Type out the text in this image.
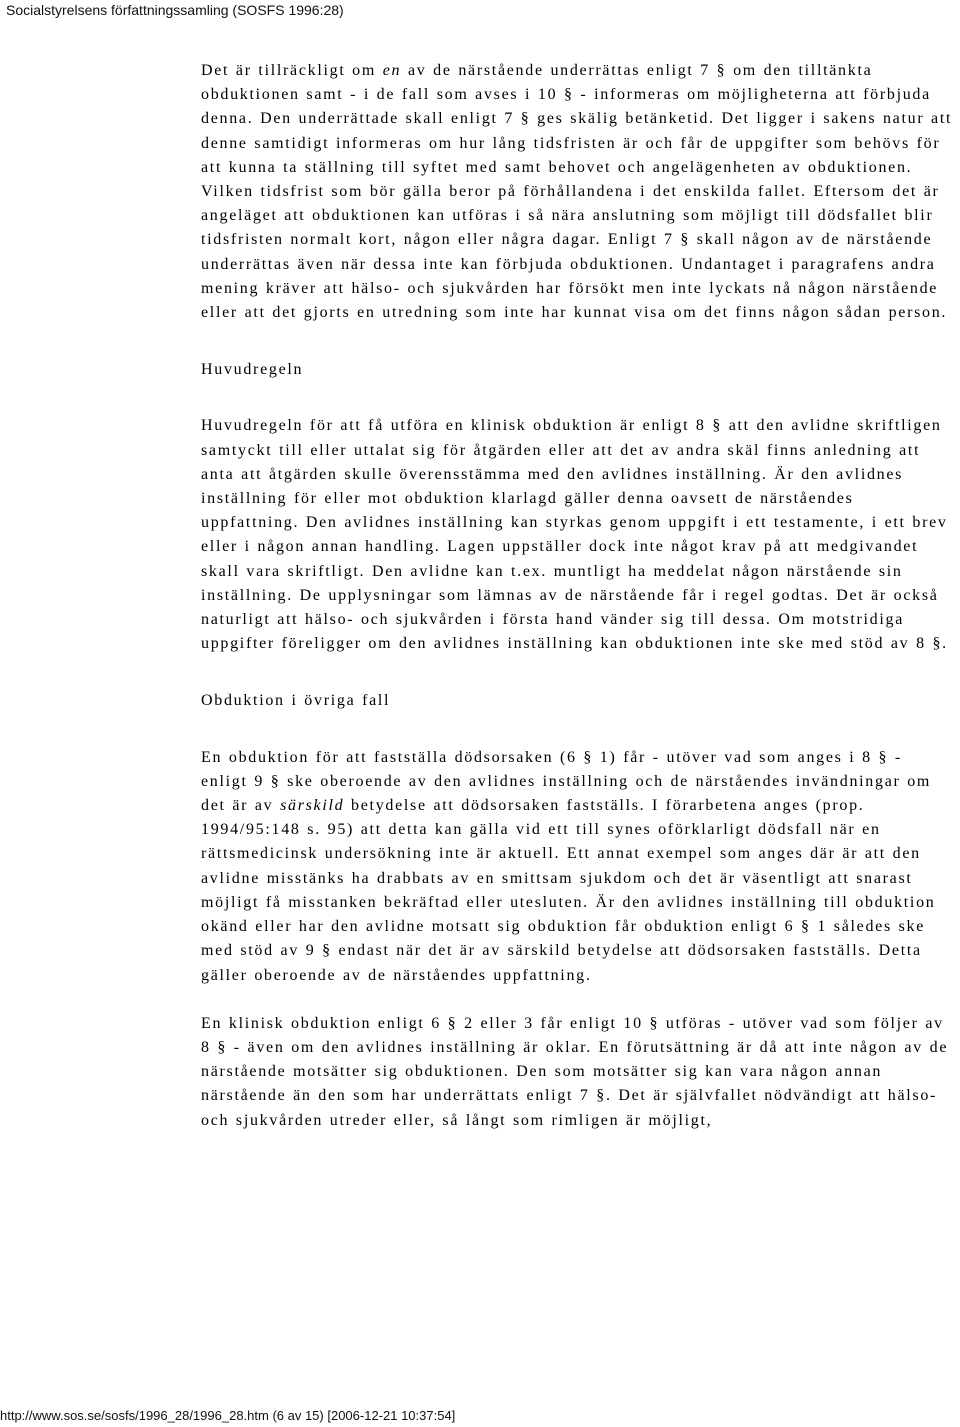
Socialstyrelsens författningssamling (SOSFS 1996:28)

Det är tillräckligt om en av de närstående underrättas enligt 7 § om den tilltänkta obduktionen samt - i de fall som avses i 10 § - informeras om möjligheterna att förbjuda denna. Den underrättade skall enligt 7 § ges skälig betänketid. Det ligger i sakens natur att denne samtidigt informeras om hur lång tidsfristen är och får de uppgifter som behövs för att kunna ta ställning till syftet med samt behovet och angelägenheten av obduktionen. Vilken tidsfrist som bör gälla beror på förhållandena i det enskilda fallet. Eftersom det är angeläget att obduktionen kan utföras i så nära anslutning som möjligt till dödsfallet blir tidsfristen normalt kort, någon eller några dagar. Enligt 7 § skall någon av de närstående underrättas även när dessa inte kan förbjuda obduktionen. Undantaget i paragrafens andra mening kräver att hälso- och sjukvården har försökt men inte lyckats nå någon närstående eller att det gjorts en utredning som inte har kunnat visa om det finns någon sådan person.

Huvudregeln

Huvudregeln för att få utföra en klinisk obduktion är enligt 8 § att den avlidne skriftligen samtyckt till eller uttalat sig för åtgärden eller att det av andra skäl finns anledning att anta att åtgärden skulle överensstämma med den avlidnes inställning. Är den avlidnes inställning för eller mot obduktion klarlagd gäller denna oavsett de närståendes uppfattning. Den avlidnes inställning kan styrkas genom uppgift i ett testamente, i ett brev eller i någon annan handling. Lagen uppställer dock inte något krav på att medgivandet skall vara skriftligt. Den avlidne kan t.ex. muntligt ha meddelat någon närstående sin inställning. De upplysningar som lämnas av de närstående får i regel godtas. Det är också naturligt att hälso- och sjukvården i första hand vänder sig till dessa. Om motstridiga uppgifter föreligger om den avlidnes inställning kan obduktionen inte ske med stöd av 8 §.

Obduktion i övriga fall

En obduktion för att fastställa dödsorsaken (6 § 1) får - utöver vad som anges i 8 § - enligt 9 § ske oberoende av den avlidnes inställning och de närståendes invändningar om det är av särskild betydelse att dödsorsaken fastställs. I förarbetena anges (prop. 1994/95:148 s. 95) att detta kan gälla vid ett till synes oförklarligt dödsfall när en rättsmedicinsk undersökning inte är aktuell. Ett annat exempel som anges där är att den avlidne misstänks ha drabbats av en smittsam sjukdom och det är väsentligt att snarast möjligt få misstanken bekräftad eller utesluten. Är den avlidnes inställning till obduktion okänd eller har den avlidne motsatt sig obduktion får obduktion enligt 6 § 1 således ske med stöd av 9 § endast när det är av särskild betydelse att dödsorsaken fastställs. Detta gäller oberoende av de närståendes uppfattning.

En klinisk obduktion enligt 6 § 2 eller 3 får enligt 10 § utföras - utöver vad som följer av 8 § - även om den avlidnes inställning är oklar. En förutsättning är då att inte någon av de närstående motsätter sig obduktionen. Den som motsätter sig kan vara någon annan närstående än den som har underrättats enligt 7 §. Det är självfallet nödvändigt att hälso- och sjukvården utreder eller, så långt som rimligen är möjligt,

http://www.sos.se/sosfs/1996_28/1996_28.htm (6 av 15) [2006-12-21 10:37:54]
